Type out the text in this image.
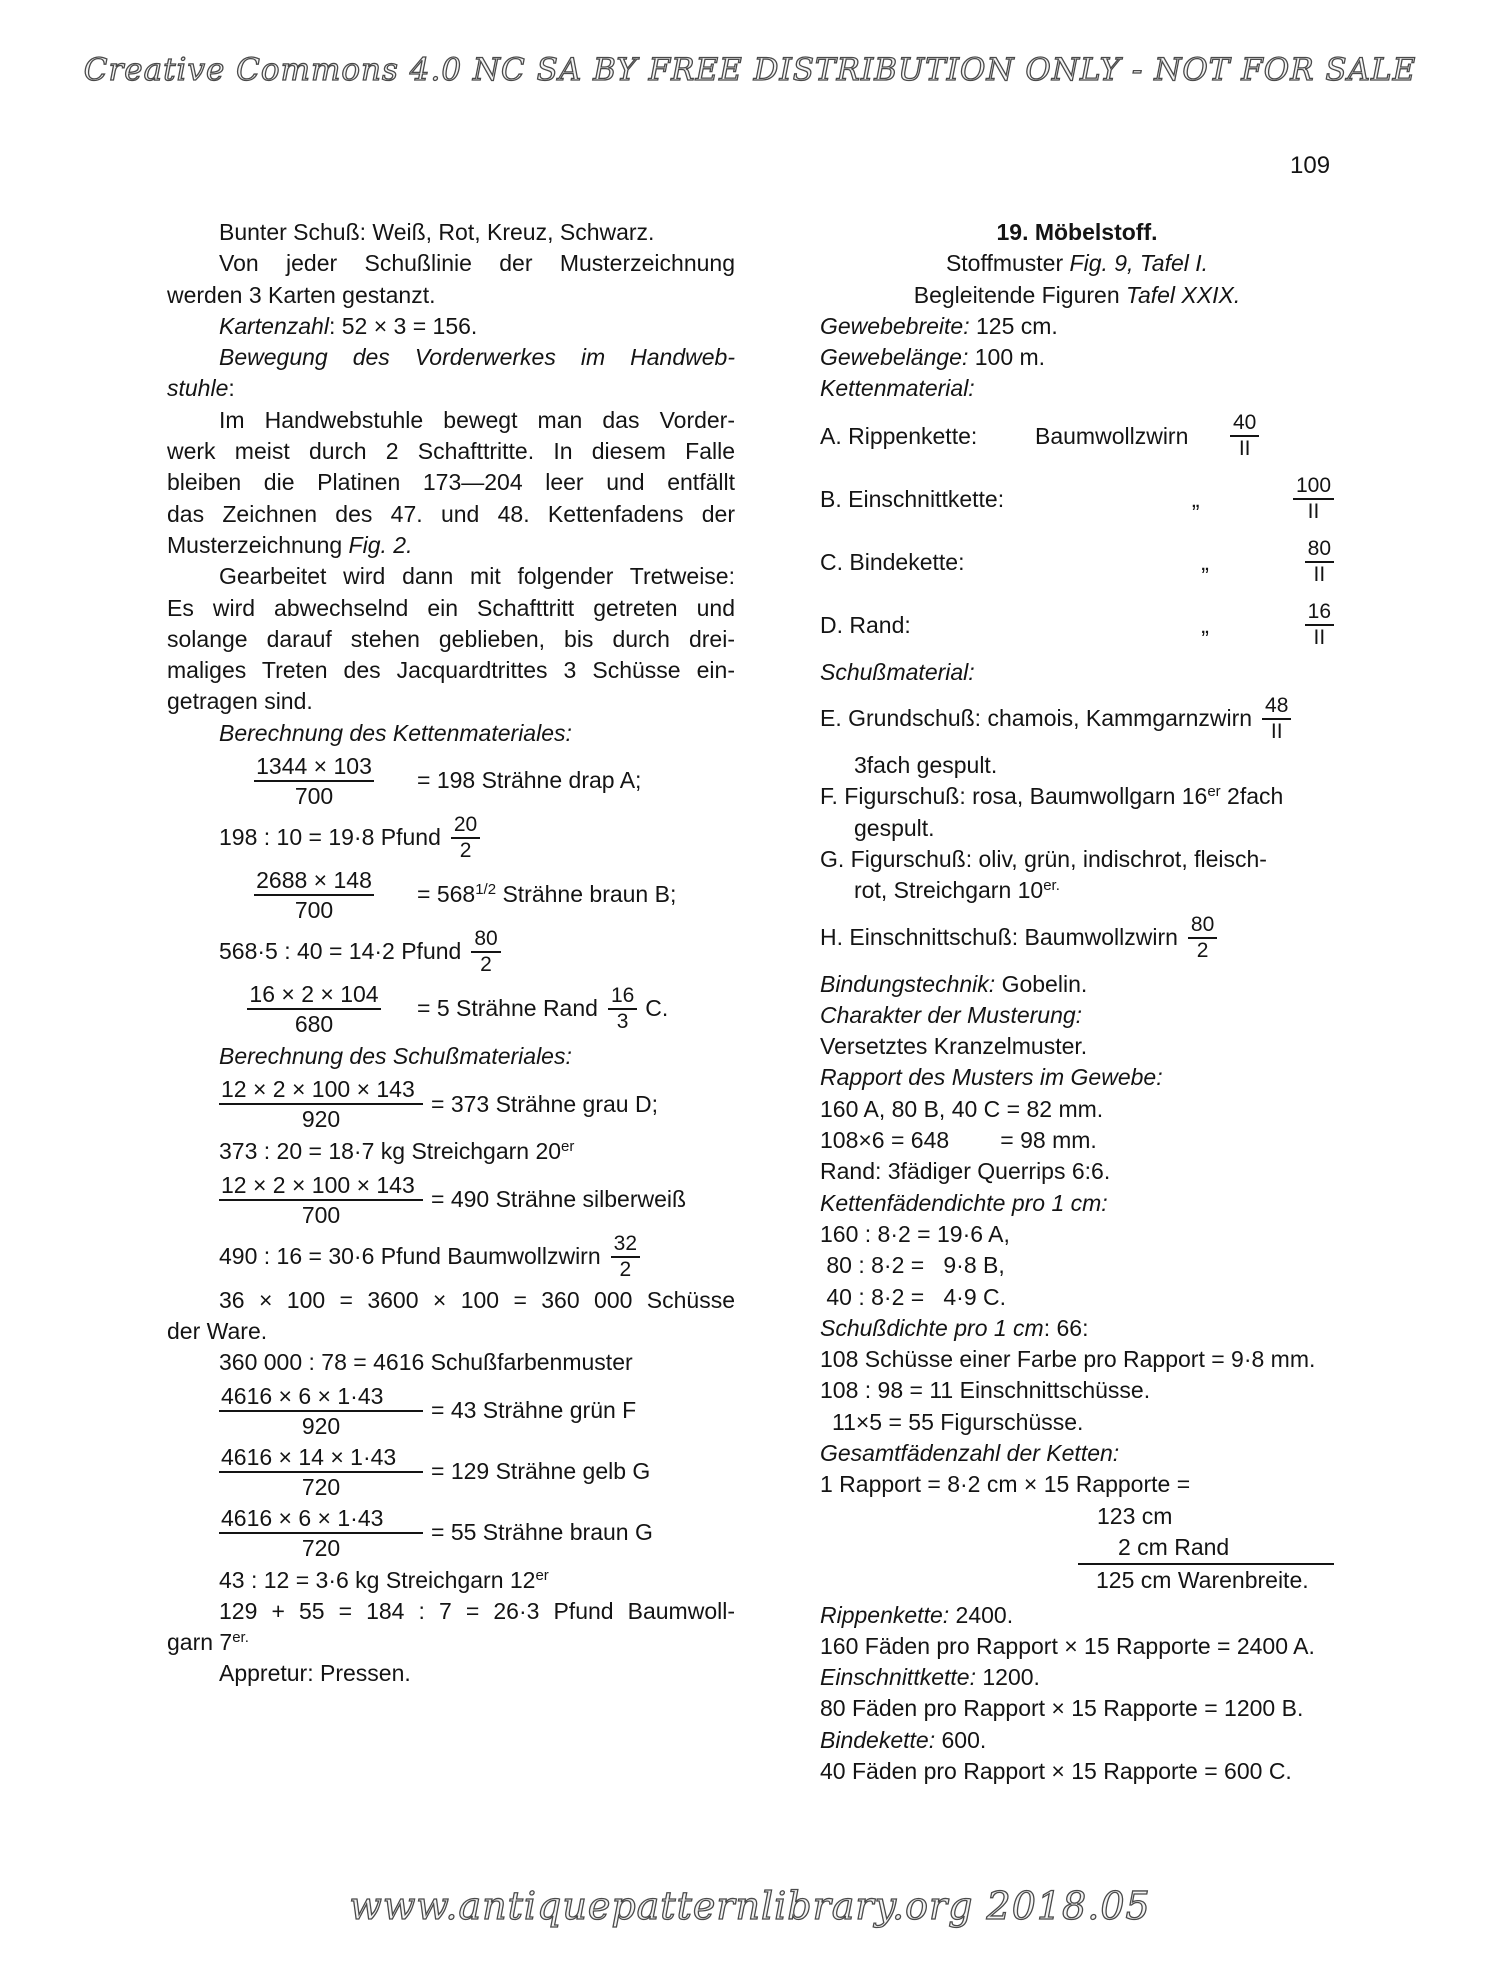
Creative Commons 4.0 NC SA BY FREE DISTRIBUTION ONLY - NOT FOR SALE
109
Bunter Schuß: Weiß, Rot, Kreuz, Schwarz.
Von jeder Schußlinie der Musterzeichnung
werden 3 Karten gestanzt.
Kartenzahl: 52 × 3 = 156.
Bewegung des Vorderwerkes im Handweb-
stuhle:
Im Handwebstuhle bewegt man das Vorder-
werk meist durch 2 Schafttritte. In diesem Falle
bleiben die Platinen 173—204 leer und entfällt
das Zeichnen des 47. und 48. Kettenfadens der
Musterzeichnung Fig. 2.
Gearbeitet wird dann mit folgender Tretweise:
Es wird abwechselnd ein Schafttritt getreten und
solange darauf stehen geblieben, bis durch drei-
maliges Treten des Jacquardtrittes 3 Schüsse ein-
getragen sind.
Berechnung des Kettenmateriales:
$\frac{1344 \times 103}{700} = 198$ Strähne drap A;
198 : 10 = 19·8 Pfund $\frac{20}{2}$
$\frac{2688 \times 148}{700} = 568^{1/2}$ Strähne braun B;
568·5 : 40 = 14·2 Pfund $\frac{80}{2}$
$\frac{16 \times 2 \times 104}{680} = 5$ Strähne Rand $\frac{16}{3} C$.
Berechnung des Schußmateriales:
$\frac{12 \times 2 \times 100 \times 143}{920} = 373$ Strähne grau D;
373 : 20 = 18·7 kg Streichgarn 20er
$\frac{12 \times 2 \times 100 \times 143}{700} = 490$ Strähne silberweiß
490 : 16 = 30·6 Pfund Baumwollzwirn $\frac{32}{2}$
36 × 100 = 3600 × 100 = 360 000 Schüsse
der Ware.
360 000 : 78 = 4616 Schußfarbenmuster
$\frac{4616 \times 6 \times 1\cdot 43}{920} = 43$ Strähne grün F
$\frac{4616 \times 14 \times 1\cdot 43}{720} = 129$ Strähne gelb G
$\frac{4616 \times 6 \times 1\cdot 43}{720} = 55$ Strähne braun G
43 : 12 = 3·6 kg Streichgarn 12er
129 + 55 = 184 : 7 = 26·3 Pfund Baumwoll-
garn $7^{er.}$
Appretur: Pressen.
19. Möbelstoff.
Stoffmuster Fig. 9, Tafel I.
Begleitende Figuren Tafel XXIX.
Gewebebreite: 125 cm.
Gewebelänge: 100 m.
Kettenmaterial:
A. Rippenkette:	Baumwollzwirn	$\frac{40}{II}$
B. Einschnittkette:	„	$\frac{100}{II}$
C. Bindekette:	„	$\frac{80}{II}$
D. Rand:	„	$\frac{16}{II}$
Schußmaterial:
E. Grundschuß: chamois, Kammgarnzwirn $\frac{48}{II}$
3fach gespult.
F. Figurschuß: rosa, Baumwollgarn 16er 2fach
gespult.
G. Figurschuß: oliv, grün, indischrot, fleisch-
rot, Streichgarn $10^{er.}$
H. Einschnittschuß: Baumwollzwirn $\frac{80}{2}$
Bindungstechnik: Gobelin.
Charakter der Musterung:
Versetztes Kranzelmuster.
Rapport des Musters im Gewebe:
160 A, 80 B, 40 C = 82 mm.
108×6 = 648        = 98 mm.
Rand: 3fädiger Querrips 6:6.
Kettenfädendichte pro 1 cm:
160 : 8·2 = 19·6 A,
80 : 8·2 =   9·8 B,
40 : 8·2 =   4·9 C.
Schußdichte pro 1 cm: 66:
108 Schüsse einer Farbe pro Rapport = 9·8 mm.
108 : 98 = 11 Einschnittschüsse.
11×5 = 55 Figurschüsse.
Gesamtfädenzahl der Ketten:
1 Rapport = 8·2 cm × 15 Rapporte =
123 cm
2 cm Rand
125 cm Warenbreite.
Rippenkette: 2400.
160 Fäden pro Rapport × 15 Rapporte = 2400 A.
Einschnittkette: 1200.
80 Fäden pro Rapport × 15 Rapporte = 1200 B.
Bindekette: 600.
40 Fäden pro Rapport × 15 Rapporte = 600 C.
www.antiquepatternlibrary.org 2018.05
